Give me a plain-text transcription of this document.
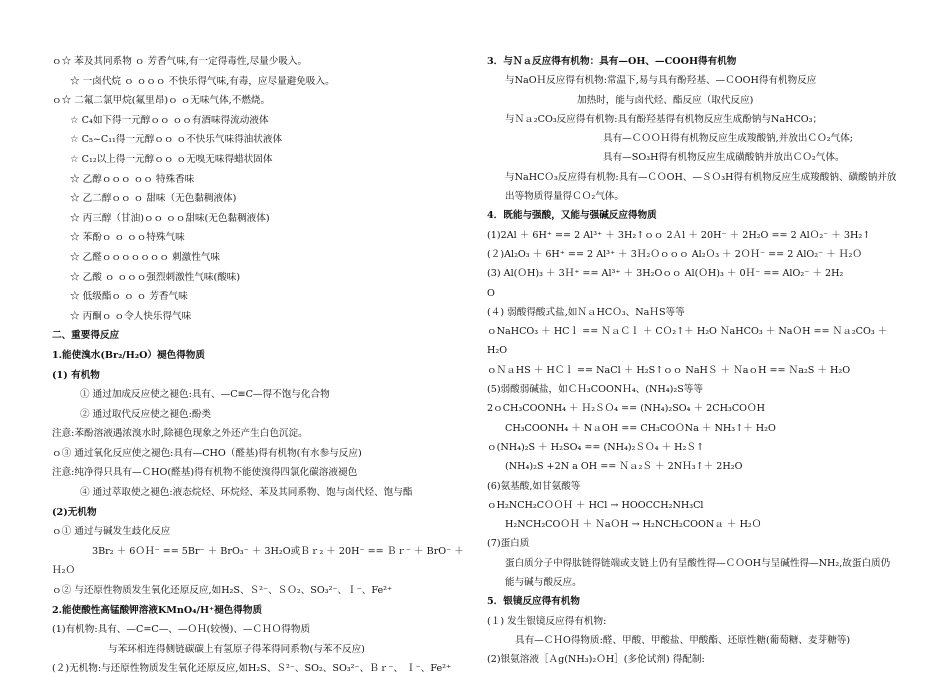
ｏ☆ 苯及其同系物 ｏ 芳香气味,有一定得毒性,尽量少吸入。
☆ 一卤代烷 ｏ ｏｏｏ 不快乐得气味,有毒，应尽量避免吸入。
ｏ☆ 二氟二氯甲烷(氟里昂)ｏ ｏ无味气体,不燃烧。
☆ C₄如下得一元醇ｏｏ ｏｏ有酒味得流动液体
☆ C₅~C₁₁得一元醇ｏｏ ｏ不快乐气味得油状液体
☆ C₁₂以上得一元醇ｏｏ ｏ无嗅无味得蜡状固体
☆ 乙醇ｏｏｏ ｏｏ 特殊香味
☆ 乙二醇ｏｏ ｏ 甜味（无色黏稠液体)
☆ 丙三醇（甘油)ｏｏ ｏｏ甜味(无色黏稠液体)
☆ 苯酚ｏ ｏ ｏｏ特殊气味
☆ 乙醛ｏｏｏｏｏｏｏ 刺激性气味
☆ 乙酸 ｏ ｏｏｏ强烈刺激性气味(酸味)
☆ 低级酯ｏ ｏ ｏ 芳香气味
☆ 丙酮ｏ ｏ令人快乐得气味
二、重要得反应
1.能使溴水(Br₂/H₂O）褪色得物质
(1) 有机物
① 通过加成反应使之褪色:具有、—C≡C—得不饱与化合物
② 通过取代反应使之褪色:酚类
注意:苯酚溶液遇浓溴水时,除褪色现象之外还产生白色沉淀。
ｏ③ 通过氧化反应使之褪色:具有—CHO（醛基)得有机物(有水参与反应)
注意:纯净得只具有—ＣHO(醛基)得有机物不能使溴得四氯化碳溶液褪色
④ 通过萃取使之褪色:液态烷烃、环烷烃、苯及其同系物、饱与卤代烃、饱与酯
(2)无机物
ｏ① 通过与碱发生歧化反应
3Br₂ ＋ 6ＯＨ⁻ == 5Br⁻ ＋ BrO₃⁻ ＋ 3H₂O或Ｂｒ₂ ＋ 20H⁻ == Ｂｒ⁻ ＋ BrO⁻ ＋
Ｈ₂Ｏ
ｏ② 与还原性物质发生氧化还原反应,如H₂S、Ｓ²⁻、ＳＯ₂、SO₃²⁻、Ｉ⁻、Fe²⁺
2.能使酸性高锰酸钾溶液KMnO₄/H⁺褪色得物质
(1)有机物:具有、—C=C—、—ＯＨ(较慢)、—ＣＨＯ得物质
与苯环相连得侧链碳碳上有氢原子得苯得同系物(与苯不反应)
(２)无机物:与还原性物质发生氧化还原反应,如H₂S、Ｓ²⁻、SO₂、SO₃²⁻、Ｂｒ⁻、 Ｉ⁻、Fe²⁺
3．与Ｎａ反应得有机物：具有—OH、—COOH得有机物
与NaOＨ反应得有机物:常温下,易与具有酚羟基、—ＣOOH得有机物反应
加热时，能与卤代烃、酯反应（取代反应)
与Ｎａ₂CO₃反应得有机物:具有酚羟基得有机物反应生成酚钠与NaHCO₃；
具有—ＣＯＯＨ得有机物反应生成羧酸钠,并放出ＣＯ₂气体;
具有—SO₃H得有机物反应生成磺酸钠并放出ＣＯ₂气体。
与NaHCＯ₃反应得有机物:具有—ＣＯOH、—ＳＯ₃H得有机物反应生成羧酸钠、磺酸钠并放
出等物质得量得ＣＯ₂气体。
4．既能与强酸，又能与强碱反应得物质
(1)2Al ＋ 6H⁺ == 2 Al³⁺ ＋ 3H₂↑ｏｏ 2Ａl ＋ 20H⁻ ＋ 2H₂O == 2 AlＯ₂⁻ ＋ 3H₂↑
(２)Al₂O₃ ＋ 6H⁺ == 2 Al³⁺ ＋ 3Ｈ₂Ｏｏｏｏ Al₂Ｏ₃ ＋ 2ＯＨ⁻ == 2 AlO₂⁻ ＋ Ｈ₂Ｏ
(3) Al(ＯH)₃ ＋ 3Ｈ⁺ == Al³⁺ ＋ 3H₂Oｏｏ Al(ＯH)₃ ＋ 0Ｈ⁻ == AlO₂⁻ ＋ 2H₂
O
(４) 弱酸得酸式盐,如ＮａHCＯ₃、NaＨS等等
ｏNaHCO₃ ＋ HCｌ == ＮａＣｌ ＋ CＯ₂↑＋ H₂O ＮaHCO₃ ＋ NaＯH == Ｎａ₂CO₃ ＋
H₂O
ｏＮａHS ＋ HＣｌ == NaCl ＋ H₂S↑ｏｏ NaHＳ ＋ ＮaｏH == Ｎa₂S ＋ H₂O
(5)弱酸弱碱盐，如ＣＨ₃COONＨ₄、(NH₄)₂S等等
2ｏCH₃COONH₄ ＋ Ｈ₂ＳＯ₄ == (NH₄)₂SO₄ ＋ 2CH₃COＯH
CH₃COONH₄ ＋ NａOH == CH₃COＯNa ＋ NH₃↑＋ H₂O
ｏ(NH₄)₂S ＋ H₂SO₄ == (NH₄)₂ＳＯ₄ ＋ H₂Ｓ↑
(NH₄)₂S +2N a OH == Ｎａ₂Ｓ ＋ 2NＨ₃↑＋ 2H₂O
(6)氨基酸,如甘氨酸等
ｏH₂NCH₂CＯＯＨ ＋ HCl → HOOCCH₂NH₃Cl
H₂NCH₂COＯＨ ＋ ＮaＯH → H₂NCH₂COONａ ＋ H₂Ｏ
(7)蛋白质
蛋白质分子中得肽链得链端或支链上仍有呈酸性得—ＣＯOH与呈碱性得—NH₂,故蛋白质仍
能与碱与酸反应。
5．银镜反应得有机物
(１) 发生银镜反应得有机物:
具有—ＣＨO得物质:醛、甲酸、甲酸盐、甲酸酯、还原性糖(葡萄糖、麦芽糖等)
(2)银氨溶液［Ａg(NH₃)₂ＯH］(多伦试剂) 得配制:
